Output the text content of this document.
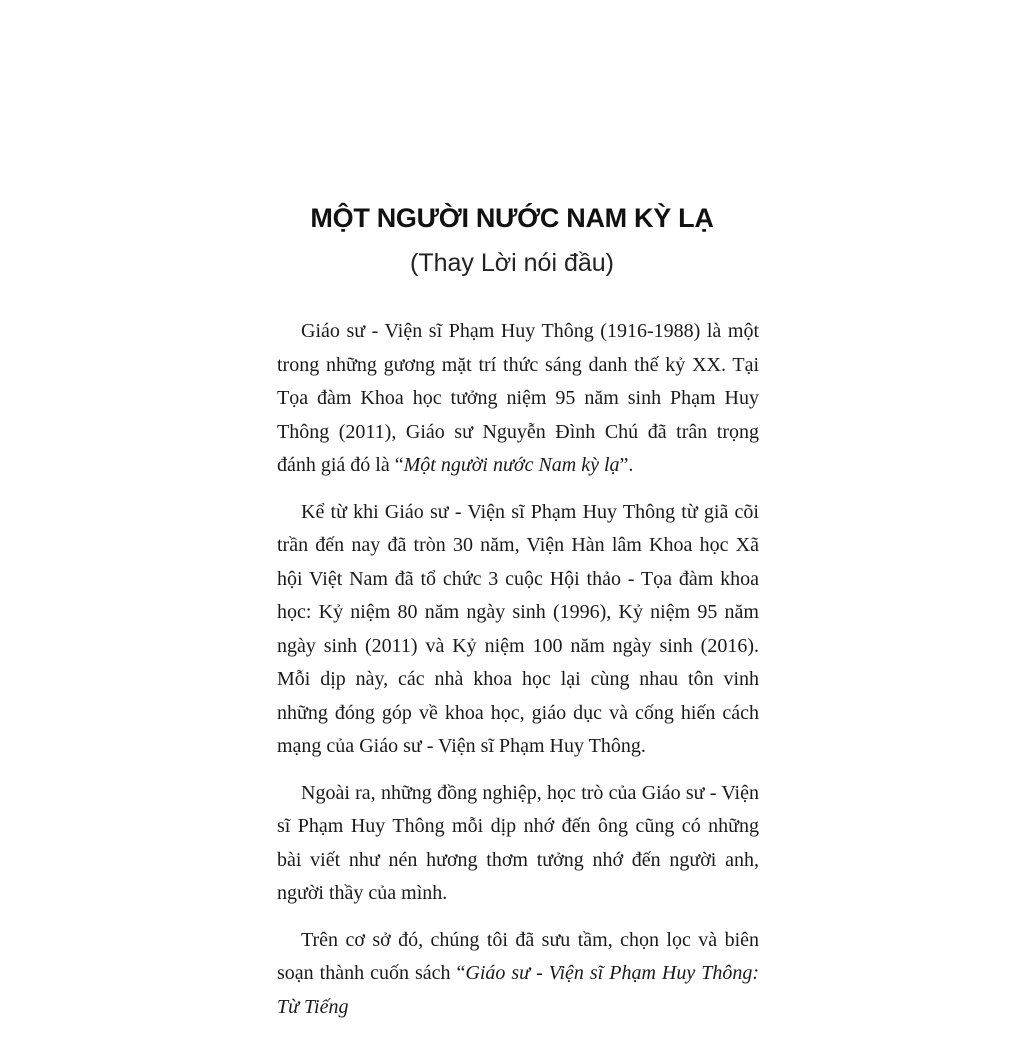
MỘT NGƯỜI NƯỚC NAM KỲ LẠ
(Thay Lời nói đầu)

Giáo sư - Viện sĩ Phạm Huy Thông (1916-1988) là một trong những gương mặt trí thức sáng danh thế kỷ XX. Tại Tọa đàm Khoa học tưởng niệm 95 năm sinh Phạm Huy Thông (2011), Giáo sư Nguyễn Đình Chú đã trân trọng đánh giá đó là “Một người nước Nam kỳ lạ”.

Kể từ khi Giáo sư - Viện sĩ Phạm Huy Thông từ giã cõi trần đến nay đã tròn 30 năm, Viện Hàn lâm Khoa học Xã hội Việt Nam đã tổ chức 3 cuộc Hội thảo - Tọa đàm khoa học: Kỷ niệm 80 năm ngày sinh (1996), Kỷ niệm 95 năm ngày sinh (2011) và Kỷ niệm 100 năm ngày sinh (2016). Mỗi dịp này, các nhà khoa học lại cùng nhau tôn vinh những đóng góp về khoa học, giáo dục và cống hiến cách mạng của Giáo sư - Viện sĩ Phạm Huy Thông.

Ngoài ra, những đồng nghiệp, học trò của Giáo sư - Viện sĩ Phạm Huy Thông mỗi dịp nhớ đến ông cũng có những bài viết như nén hương thơm tưởng nhớ đến người anh, người thầy của mình.

Trên cơ sở đó, chúng tôi đã sưu tầm, chọn lọc và biên soạn thành cuốn sách “Giáo sư - Viện sĩ Phạm Huy Thông: Từ Tiếng
